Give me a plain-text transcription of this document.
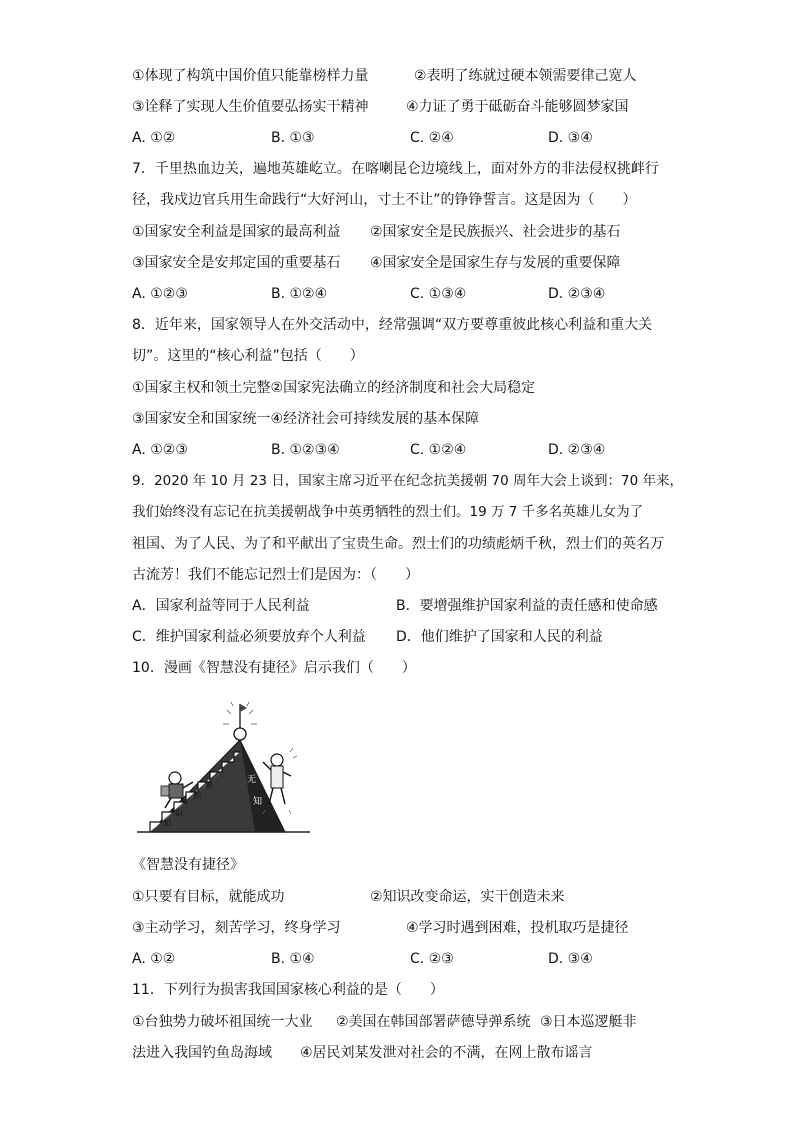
①体现了构筑中国价值只能靠榜样力量	②表明了练就过硬本领需要律己宽人
③诠释了实现人生价值要弘扬实干精神	④力证了勇于砥砺奋斗能够圆梦家国
A. ①②	B. ①③	C. ②④	D. ③④
7．千里热血边关，遍地英雄屹立。在喀喇昆仑边境线上，面对外方的非法侵权挑衅行
径，我戍边官兵用生命践行“大好河山，寸土不让”的铮铮誓言。这是因为（　　）
①国家安全利益是国家的最高利益 ②国家安全是民族振兴、社会进步的基石
③国家安全是安邦定国的重要基石 ④国家安全是国家生存与发展的重要保障
A. ①②③	B. ①②④	C. ①③④	D. ②③④
8．近年来，国家领导人在外交活动中，经常强调“双方要尊重彼此核心利益和重大关
切”。这里的“核心利益”包括（　　）
①国家主权和领土完整②国家宪法确立的经济制度和社会大局稳定
③国家安全和国家统一④经济社会可持续发展的基本保障
A. ①②③	B. ①②③④	C. ①②④	D. ②③④
9．2020 年 10 月 23 日，国家主席习近平在纪念抗美援朝 70 周年大会上谈到：70 年来，
我们始终没有忘记在抗美援朝战争中英勇牺牲的烈士们。19 万 7 千多名英雄儿女为了
祖国、为了人民、为了和平献出了宝贵生命。烈士们的功绩彪炳千秋，烈士们的英名万
古流芳！我们不能忘记烈士们是因为：（　　）
A．国家利益等同于人民利益	B．要增强维护国家利益的责任感和使命感
C．维护国家利益必须要放弃个人利益 D．他们维护了国家和人民的利益
10．漫画《智慧没有捷径》启示我们（　　）
知
识
积
累
无
知
《智慧没有捷径》
①只要有目标，就能成功	②知识改变命运，实干创造未来
③主动学习，刻苦学习，终身学习	④学习时遇到困难，投机取巧是捷径
A. ①②	B. ①④	C. ②③	D. ③④
11．下列行为损害我国国家核心利益的是（　　）
①台独势力破坏祖国统一大业 ②美国在韩国部署萨德导弹系统 ③日本巡逻艇非
法进入我国钓鱼岛海域 ④居民刘某发泄对社会的不满，在网上散布谣言
